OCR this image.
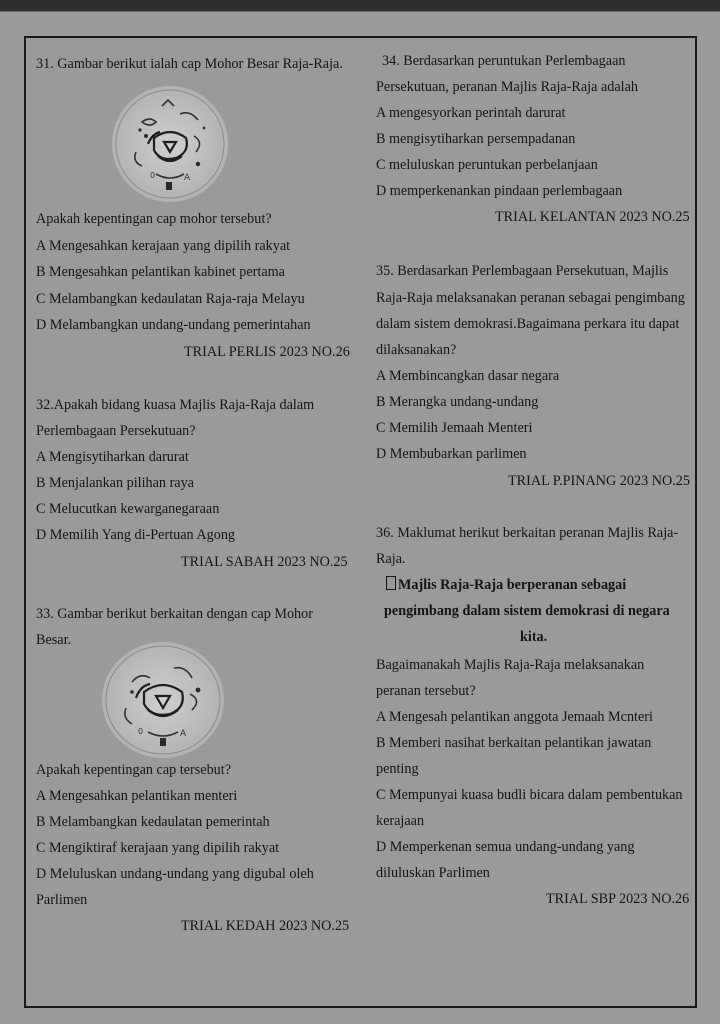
31. Gambar berikut ialah cap Mohor Besar Raja-Raja.
A
0
Apakah kepentingan cap mohor tersebut?
A Mengesahkan kerajaan yang dipilih rakyat
B Mengesahkan pelantikan kabinet pertama
C Melambangkan kedaulatan Raja-raja Melayu
D Melambangkan undang-undang pemerintahan
TRIAL PERLIS 2023 NO.26
32.Apakah bidang kuasa Majlis Raja-Raja dalam
Perlembagaan Persekutuan?
A Mengisytiharkan darurat
B Menjalankan pilihan raya
C Melucutkan kewarganegaraan
D Memilih Yang di-Pertuan Agong
TRIAL SABAH 2023 NO.25
33. Gambar berikut berkaitan dengan cap Mohor
Besar.
A
0
Apakah kepentingan cap tersebut?
A Mengesahkan pelantikan menteri
B Melambangkan kedaulatan pemerintah
C Mengiktiraf kerajaan yang dipilih rakyat
D Meluluskan undang-undang yang digubal oleh
Parlimen
TRIAL KEDAH 2023 NO.25
34. Berdasarkan peruntukan Perlembagaan
Persekutuan, peranan Majlis Raja-Raja adalah
A mengesyorkan perintah darurat
B mengisytiharkan persempadanan
C meluluskan peruntukan perbelanjaan
D memperkenankan pindaan perlembagaan
TRIAL KELANTAN 2023 NO.25
35. Berdasarkan Perlembagaan Persekutuan, Majlis
Raja-Raja melaksanakan peranan sebagai pengimbang
dalam sistem demokrasi.Bagaimana perkara itu dapat
dilaksanakan?
A Membincangkan dasar negara
B Merangka undang-undang
C Memilih Jemaah Menteri
D Membubarkan parlimen
TRIAL P.PINANG 2023 NO.25
36. Maklumat herikut berkaitan peranan Majlis Raja-
Raja.
Majlis Raja-Raja berperanan sebagai
pengimbang dalam sistem demokrasi di negara
kita.
Bagaimanakah Majlis Raja-Raja melaksanakan
peranan tersebut?
A Mengesah pelantikan anggota Jemaah Mcnteri
B Memberi nasihat berkaitan pelantikan jawatan
penting
C Mempunyai kuasa budli bicara dalam pembentukan
kerajaan
D Memperkenan semua undang-undang yang
diluluskan Parlimen
TRIAL SBP 2023 NO.26
